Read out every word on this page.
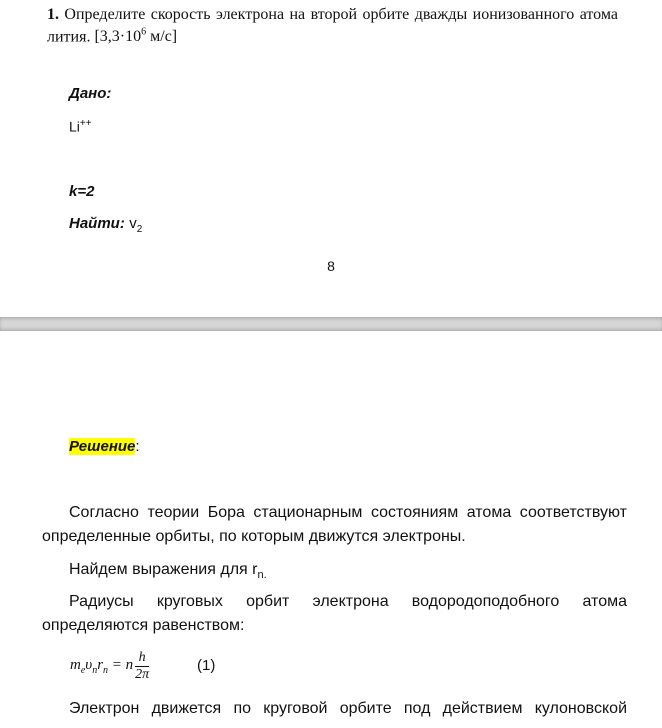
1. Определите скорость электрона на второй орбите дважды ионизованного атома лития. [$3,3\cdot 10^6$ м/с]
Дано:
Li++
k=2
Найти: $v_2$
8
Решение:
Согласно теории Бора стационарным состояниям атома соответствуют определенные орбиты, по которым движутся электроны.
Найдем выражения для $r_{n.}$
Радиусы круговых орбит электрона водородоподобного атома определяются равенством:
$m_e\upsilon_nr_n = n \frac{h}{2\pi}$	(1)
Электрон движется по круговой орбите под действием кулоновской
